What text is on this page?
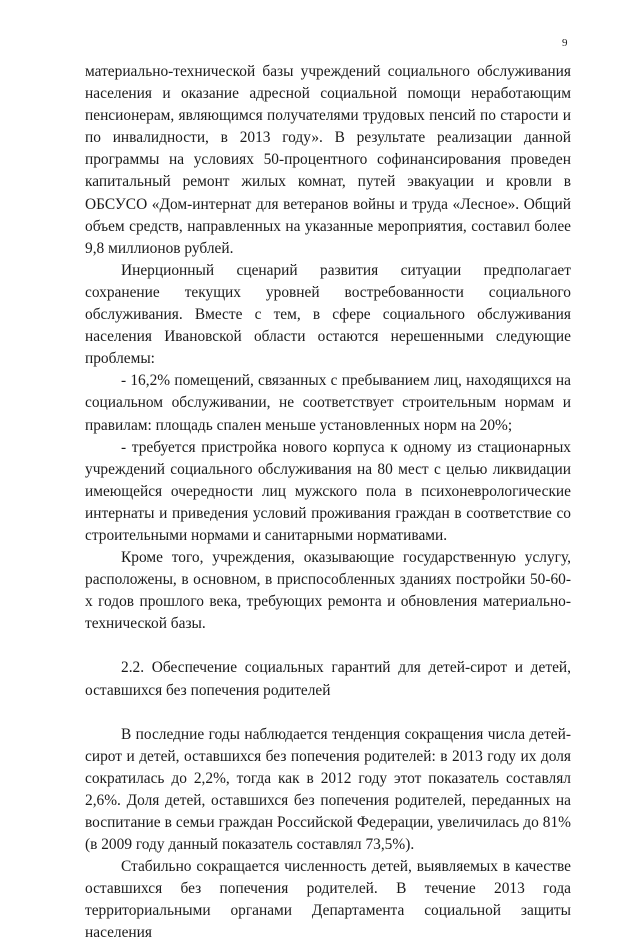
9

материально-технической базы учреждений социального обслуживания населения и оказание адресной социальной помощи неработающим пенсионерам, являющимся получателями трудовых пенсий по старости и по инвалидности, в 2013 году». В результате реализации данной программы на условиях 50-процентного софинансирования проведен капитальный ремонт жилых комнат, путей эвакуации и кровли в ОБСУСО «Дом-интернат для ветеранов войны и труда «Лесное». Общий объем средств, направленных на указанные мероприятия, составил более 9,8 миллионов рублей.

Инерционный сценарий развития ситуации предполагает сохранение текущих уровней востребованности социального обслуживания. Вместе с тем, в сфере социального обслуживания населения Ивановской области остаются нерешенными следующие проблемы:

- 16,2% помещений, связанных с пребыванием лиц, находящихся на социальном обслуживании, не соответствует строительным нормам и правилам: площадь спален меньше установленных норм на 20%;

- требуется пристройка нового корпуса к одному из стационарных учреждений социального обслуживания на 80 мест с целью ликвидации имеющейся очередности лиц мужского пола в психоневрологические интернаты и приведения условий проживания граждан в соответствие со строительными нормами и санитарными нормативами.

Кроме того, учреждения, оказывающие государственную услугу, расположены, в основном, в приспособленных зданиях постройки 50-60-х годов прошлого века, требующих ремонта и обновления материально-технической базы.

2.2. Обеспечение социальных гарантий для детей-сирот и детей, оставшихся без попечения родителей

В последние годы наблюдается тенденция сокращения числа детей-сирот и детей, оставшихся без попечения родителей: в 2013 году их доля сократилась до 2,2%, тогда как в 2012 году этот показатель составлял 2,6%. Доля детей, оставшихся без попечения родителей, переданных на воспитание в семьи граждан Российской Федерации, увеличилась до 81% (в 2009 году данный показатель составлял 73,5%).

Стабильно сокращается численность детей, выявляемых в качестве оставшихся без попечения родителей. В течение 2013 года территориальными органами Департамента социальной защиты населения
